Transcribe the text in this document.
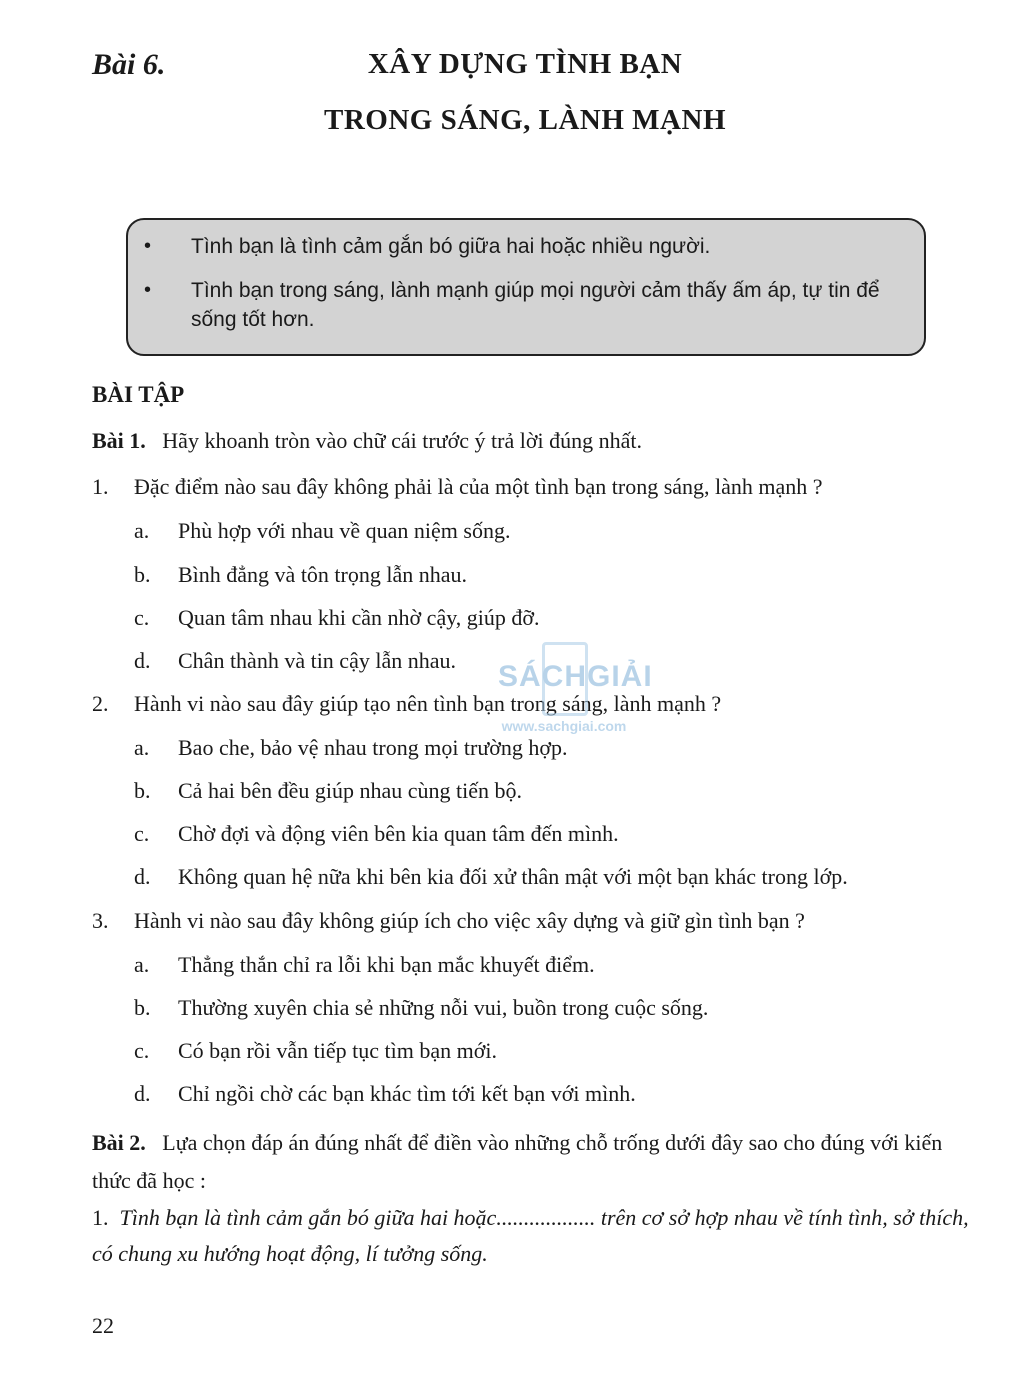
Bài 6.	XÂY DỰNG TÌNH BẠN
TRONG SÁNG, LÀNH MẠNH
• Tình bạn là tình cảm gắn bó giữa hai hoặc nhiều người.
• Tình bạn trong sáng, lành mạnh giúp mọi người cảm thấy ấm áp, tự tin để sống tốt hơn.
BÀI TẬP
Bài 1. Hãy khoanh tròn vào chữ cái trước ý trả lời đúng nhất.
1. Đặc điểm nào sau đây không phải là của một tình bạn trong sáng, lành mạnh ?
a. Phù hợp với nhau về quan niệm sống.
b. Bình đẳng và tôn trọng lẫn nhau.
c. Quan tâm nhau khi cần nhờ cậy, giúp đỡ.
d. Chân thành và tin cậy lẫn nhau.
2. Hành vi nào sau đây giúp tạo nên tình bạn trong sáng, lành mạnh ?
a. Bao che, bảo vệ nhau trong mọi trường hợp.
b. Cả hai bên đều giúp nhau cùng tiến bộ.
c. Chờ đợi và động viên bên kia quan tâm đến mình.
d. Không quan hệ nữa khi bên kia đối xử thân mật với một bạn khác trong lớp.
3. Hành vi nào sau đây không giúp ích cho việc xây dựng và giữ gìn tình bạn ?
a. Thẳng thắn chỉ ra lỗi khi bạn mắc khuyết điểm.
b. Thường xuyên chia sẻ những nỗi vui, buồn trong cuộc sống.
c. Có bạn rồi vẫn tiếp tục tìm bạn mới.
d. Chỉ ngồi chờ các bạn khác tìm tới kết bạn với mình.
Bài 2. Lựa chọn đáp án đúng nhất để điền vào những chỗ trống dưới đây sao cho đúng với kiến thức đã học :
1. Tình bạn là tình cảm gắn bó giữa hai hoặc.................. trên cơ sở hợp nhau về tính tình, sở thích, có chung xu hướng hoạt động, lí tưởng sống.
22
SÁCHGIẢI
www.sachgiai.com
